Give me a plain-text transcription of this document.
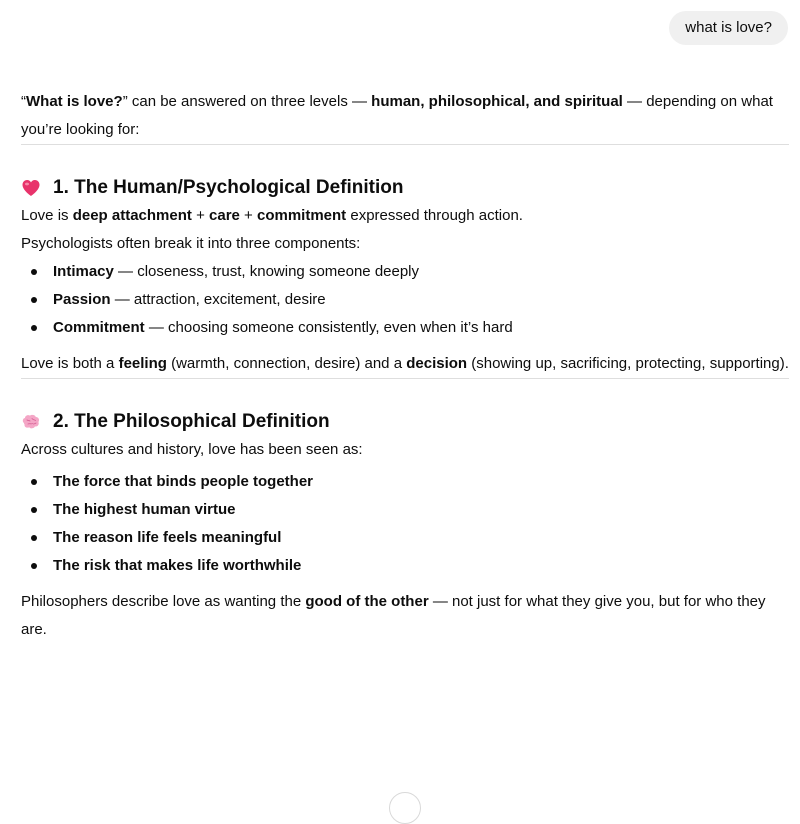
what is love?

“What is love?” can be answered on three levels — human, philosophical, and spiritual — depending on what you’re looking for:

1. The Human/Psychological Definition

Love is deep attachment + care + commitment expressed through action.

Psychologists often break it into three components:

Intimacy — closeness, trust, knowing someone deeply
Passion — attraction, excitement, desire
Commitment — choosing someone consistently, even when it’s hard

Love is both a feeling (warmth, connection, desire) and a decision (showing up, sacrificing, protecting, supporting).

2. The Philosophical Definition

Across cultures and history, love has been seen as:

The force that binds people together
The highest human virtue
The reason life feels meaningful
The risk that makes life worthwhile

Philosophers describe love as wanting the good of the other — not just for what they give you, but for who they are.
